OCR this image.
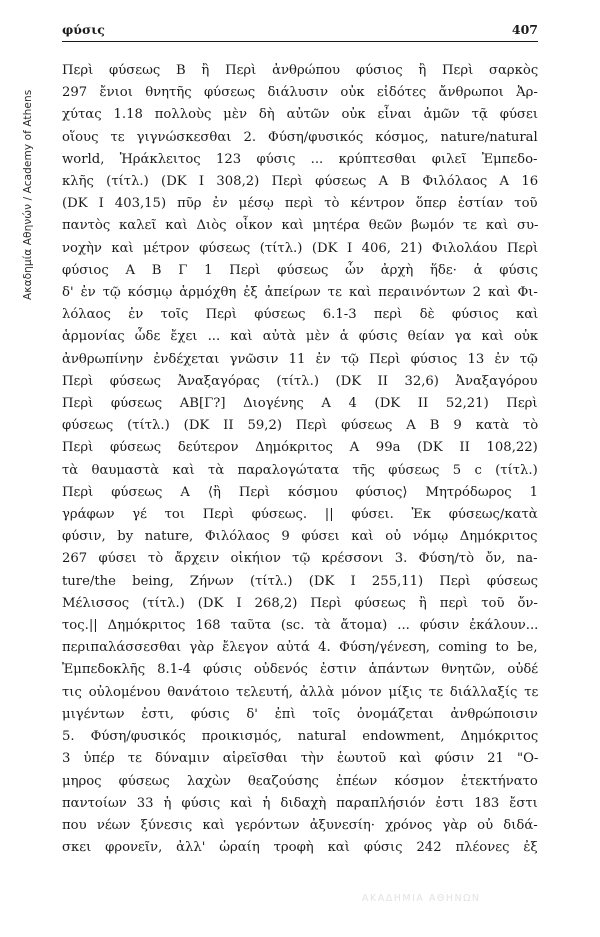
Ακαδημία Αθηνών / Academy of Athens
φύσις	407
Περὶ φύσεως B ἢ Περὶ ἀνθρώπου φύσιος ἢ Περὶ σαρκὸς
297 ἔνιοι θνητῆς φύσεως διάλυσιν οὐκ εἰδότες ἄνθρωποι Ἀρ-
χύτας 1.18 πολλοὺς μὲν δὴ αὐτῶν οὐκ εἶναι ἀμῶν τᾷ φύσει
οἵους τε γιγνώσκεσθαι 2. Φύση/φυσικός κόσμος, nature/natural
world, Ἡράκλειτος 123 φύσις ... κρύπτεσθαι φιλεῖ Ἐμπεδο-
κλῆς (τίτλ.) (DK I 308,2) Περὶ φύσεως A B Φιλόλαος A 16
(DK I 403,15) πῦρ ἐν μέσῳ περὶ τὸ κέντρον ὅπερ ἑστίαν τοῦ
παντὸς καλεῖ καὶ Διὸς οἶκον καὶ μητέρα θεῶν βωμόν τε καὶ συ-
νοχὴν καὶ μέτρον φύσεως (τίτλ.) (DK I 406, 21) Φιλολάου Περὶ
φύσιος A B Γ 1 Περὶ φύσεως ὧν ἀρχὴ ἥδε· ἁ φύσις
δ' ἐν τῷ κόσμῳ ἁρμόχθη ἐξ ἀπείρων τε καὶ περαινόντων 2 καὶ Φι-
λόλαος ἐν τοῖς Περὶ φύσεως 6.1-3 περὶ δὲ φύσιος καὶ
ἁρμονίας ὧδε ἔχει ... καὶ αὐτὰ μὲν ἁ φύσις θείαν γα καὶ οὐκ
ἀνθρωπίνην ἐνδέχεται γνῶσιν 11 ἐν τῷ Περὶ φύσιος 13 ἐν τῷ
Περὶ φύσεως Ἀναξαγόρας (τίτλ.) (DK II 32,6) Ἀναξαγόρου
Περὶ φύσεως AB[Γ?] Διογένης A 4 (DK II 52,21) Περὶ
φύσεως (τίτλ.) (DK II 59,2) Περὶ φύσεως A B 9 κατὰ τὸ
Περὶ φύσεως δεύτερον Δημόκριτος A 99a (DK II 108,22)
τὰ θαυμαστὰ καὶ τὰ παραλογώτατα τῆς φύσεως 5 c (τίτλ.)
Περὶ φύσεως A ⟨ἢ Περὶ κόσμου φύσιος⟩ Μητρόδωρος 1
γράφων γέ τοι Περὶ φύσεως. || φύσει. Ἐκ φύσεως/κατὰ
φύσιν, by nature, Φιλόλαος 9 φύσει καὶ οὐ νόμῳ Δημόκριτος
267 φύσει τὸ ἄρχειν οἰκήιον τῷ κρέσσονι 3. Φύση/τὸ ὄν, na-
ture/the being, Ζήνων (τίτλ.) (DK I 255,11) Περὶ φύσεως
Μέλισσος (τίτλ.) (DK I 268,2) Περὶ φύσεως ἢ περὶ τοῦ ὄν-
τος.|| Δημόκριτος 168 ταῦτα (sc. τὰ ἄτομα) ... φύσιν ἐκάλουν...
περιπαλάσσεσθαι γὰρ ἔλεγον αὐτά 4. Φύση/γένεση, coming to be,
Ἐμπεδοκλῆς 8.1-4 φύσις οὐδενός ἐστιν ἁπάντων θνητῶν, οὐδέ
τις οὐλομένου θανάτοιο τελευτή, ἀλλὰ μόνον μίξις τε διάλλαξίς τε
μιγέντων ἐστι, φύσις δ' ἐπὶ τοῖς ὀνομάζεται ἀνθρώποισιν
5. Φύση/φυσικός προικισμός, natural endowment, Δημόκριτος
3 ὑπέρ τε δύναμιν αἱρεῖσθαι τὴν ἑωυτοῦ καὶ φύσιν 21 "Ο-
μηρος φύσεως λαχὼν θεαζούσης ἐπέων κόσμον ἐτεκτήνατο
παντοίων 33 ἡ φύσις καὶ ἡ διδαχὴ παραπλήσιόν ἐστι 183 ἔστι
που νέων ξύνεσις καὶ γερόντων ἀξυνεσίη· χρόνος γὰρ οὐ διδά-
σκει φρονεῖν, ἀλλ' ὡραίη τροφὴ καὶ φύσις 242 πλέονες ἐξ
ΑΚΑΔΗΜΙΑ ΑΘΗΝΩΝ
